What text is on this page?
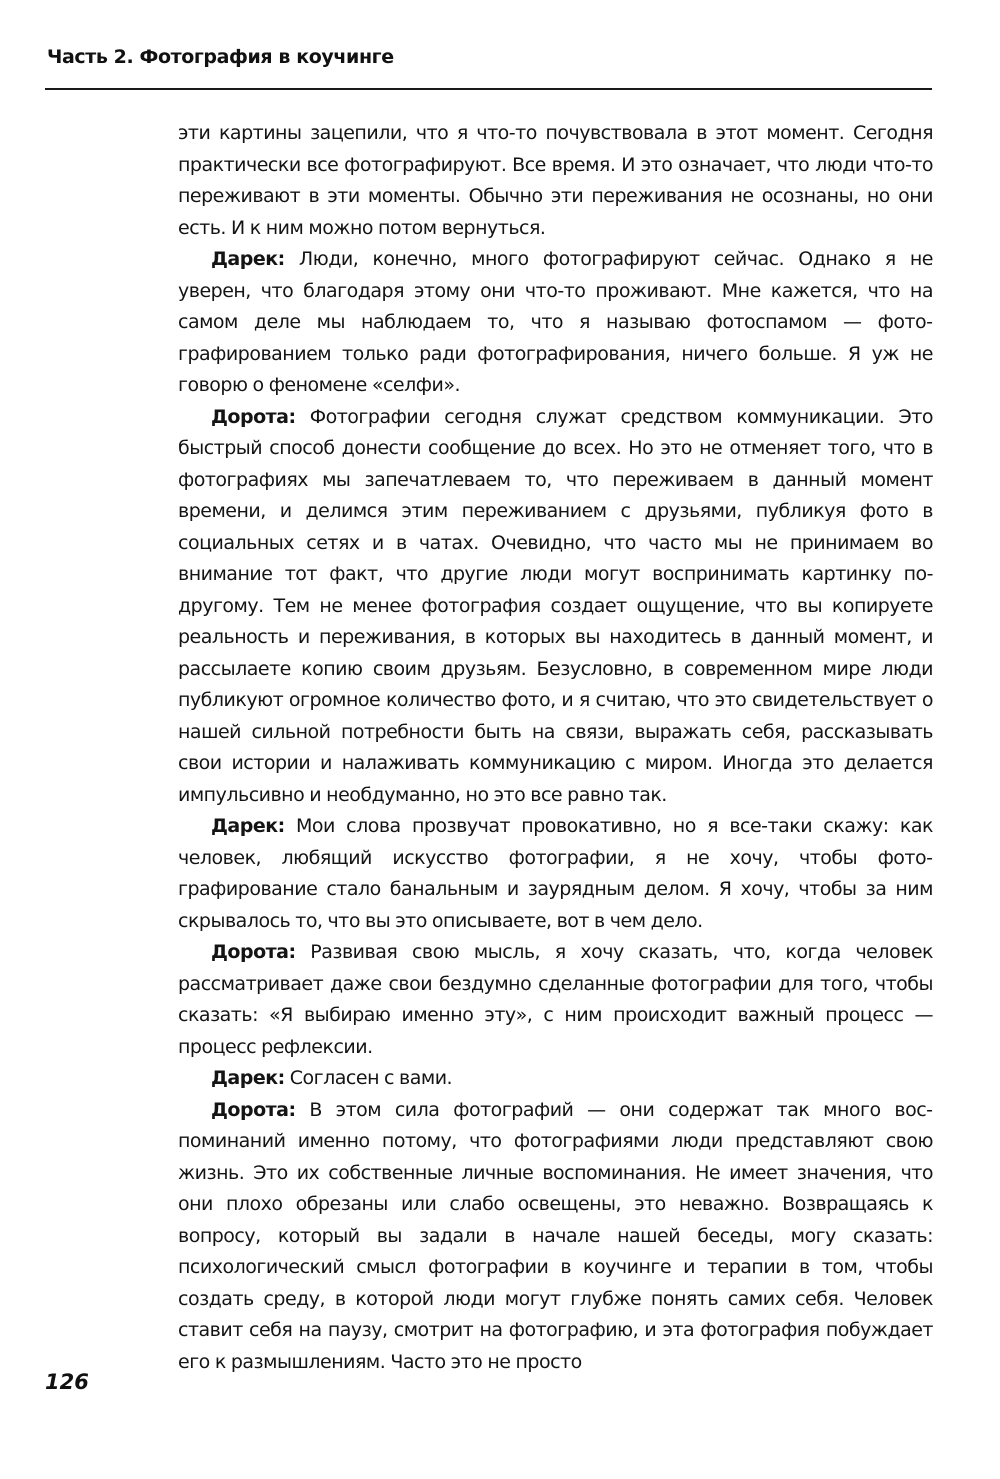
Часть 2. Фотография в коучинге

эти картины зацепили, что я что-то почувствовала в этот момент. Сегодня практически все фотографируют. Все время. И это означает, что люди что-то переживают в эти моменты. Обычно эти переживания не осознаны, но они есть. И к ним можно потом вернуться.

Дарек: Люди, конечно, много фотографируют сейчас. Однако я не уверен, что благодаря этому они что-то проживают. Мне кажется, что на самом деле мы наблюдаем то, что я называю фотоспамом — фотографированием только ради фотографирования, ничего больше. Я уж не говорю о феномене «селфи».

Дорота: Фотографии сегодня служат средством коммуникации. Это быстрый способ донести сообщение до всех. Но это не отменяет того, что в фотографиях мы запечатлеваем то, что переживаем в данный момент времени, и делимся этим переживанием с друзьями, публикуя фото в социальных сетях и в чатах. Очевидно, что часто мы не принимаем во внимание тот факт, что другие люди могут воспринимать картинку по-другому. Тем не менее фотография создает ощущение, что вы копируете реальность и переживания, в которых вы находитесь в данный момент, и рассылаете копию своим друзьям. Безусловно, в современном мире люди публикуют огромное количество фото, и я считаю, что это свидетельствует о нашей сильной потребности быть на связи, выражать себя, рассказывать свои истории и налаживать коммуникацию с миром. Иногда это делается импульсивно и необдуманно, но это все равно так.

Дарек: Мои слова прозвучат провокативно, но я все-таки скажу: как человек, любящий искусство фотографии, я не хочу, чтобы фотографирование стало банальным и заурядным делом. Я хочу, чтобы за ним скрывалось то, что вы это описываете, вот в чем дело.

Дорота: Развивая свою мысль, я хочу сказать, что, когда человек рассматривает даже свои бездумно сделанные фотографии для того, чтобы сказать: «Я выбираю именно эту», с ним происходит важный процесс — процесс рефлексии.

Дарек: Согласен с вами.

Дорота: В этом сила фотографий — они содержат так много воспоминаний именно потому, что фотографиями люди представляют свою жизнь. Это их собственные личные воспоминания. Не имеет значения, что они плохо обрезаны или слабо освещены, это неважно. Возвращаясь к вопросу, который вы задали в начале нашей беседы, могу сказать: психологический смысл фотографии в коучинге и терапии в том, чтобы создать среду, в которой люди могут глубже понять самих себя. Человек ставит себя на паузу, смотрит на фотографию, и эта фотография побуждает его к размышлениям. Часто это не просто

126
